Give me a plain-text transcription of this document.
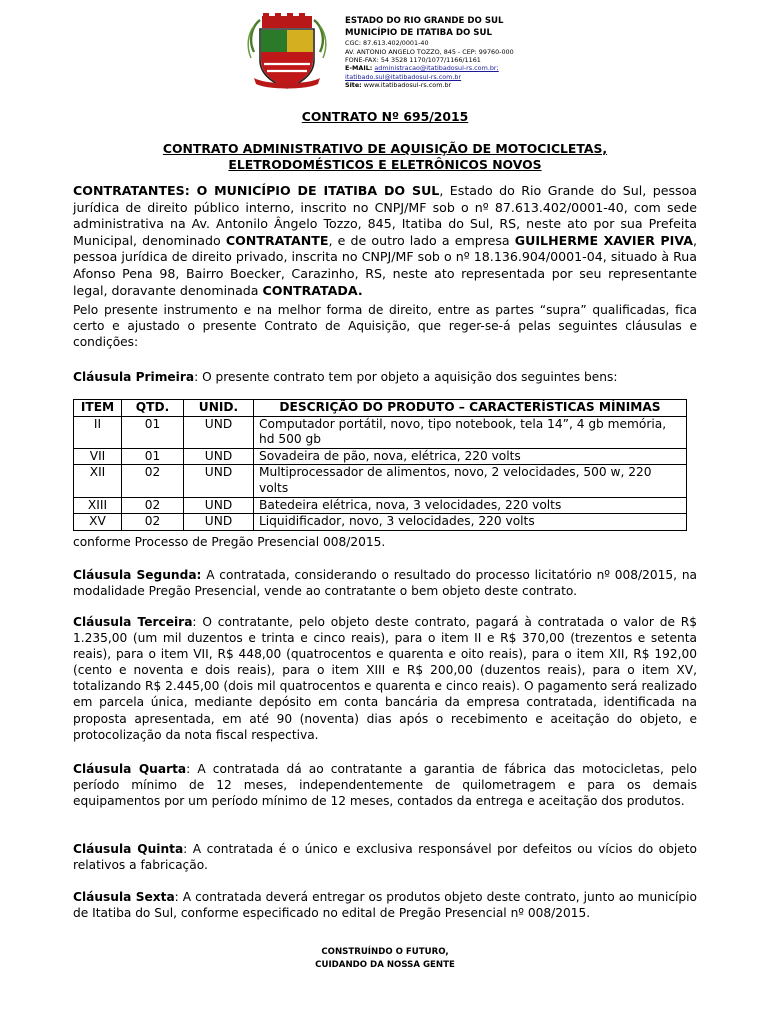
ESTADO DO RIO GRANDE DO SUL

MUNICÍPIO DE ITATIBA DO SUL

CGC: 87.613.402/0001-40

AV. ANTONIO ANGELO TOZZO, 845 - CEP: 99760-000

FONE-FAX: 54 3528 1170/1077/1166/1161

E-MAIL: administracao@itatibadosul-rs.com.br;

itatibado.sul@itatibadosul-rs.com.br

Site: www.itatibadosul-rs.com.br

CONTRATO Nº 695/2015

CONTRATO ADMINISTRATIVO DE AQUISIÇÃO DE MOTOCICLETAS,
ELETRODOMÉSTICOS E ELETRÔNICOS NOVOS

CONTRATANTES: O MUNICÍPIO DE ITATIBA DO SUL, Estado do Rio Grande do Sul, pessoa jurídica de direito público interno, inscrito no CNPJ/MF sob o nº 87.613.402/0001-40, com sede administrativa na Av. Antonilo Ângelo Tozzo, 845, Itatiba do Sul, RS, neste ato por sua Prefeita Municipal, denominado CONTRATANTE, e de outro lado a empresa GUILHERME XAVIER PIVA, pessoa jurídica de direito privado, inscrita no CNPJ/MF sob o nº 18.136.904/0001-04, situado à Rua Afonso Pena 98, Bairro Boecker, Carazinho, RS, neste ato representada por seu representante legal, doravante denominada CONTRATADA.

Pelo presente instrumento e na melhor forma de direito, entre as partes “supra” qualificadas, fica certo e ajustado o presente Contrato de Aquisição, que reger-se-á pelas seguintes cláusulas e condições:

Cláusula Primeira: O presente contrato tem por objeto a aquisição dos seguintes bens:

ITEM	QTD.	UNID.	DESCRIÇÃO DO PRODUTO – CARACTERÍSTICAS MÍNIMAS
II	01	UND	Computador portátil, novo, tipo notebook, tela 14”, 4 gb memória, hd 500 gb
VII	01	UND	Sovadeira de pão, nova, elétrica, 220 volts
XII	02	UND	Multiprocessador de alimentos, novo, 2 velocidades, 500 w, 220 volts
XIII	02	UND	Batedeira elétrica, nova, 3 velocidades, 220 volts
XV	02	UND	Liquidificador, novo, 3 velocidades, 220 volts

conforme Processo de Pregão Presencial 008/2015.

Cláusula Segunda: A contratada, considerando o resultado do processo licitatório nº 008/2015, na modalidade Pregão Presencial, vende ao contratante o bem objeto deste contrato.

Cláusula Terceira: O contratante, pelo objeto deste contrato, pagará à contratada o valor de R$ 1.235,00 (um mil duzentos e trinta e cinco reais), para o item II e R$ 370,00 (trezentos e setenta reais), para o item VII, R$ 448,00 (quatrocentos e quarenta e oito reais), para o item XII, R$ 192,00 (cento e noventa e dois reais), para o item XIII e R$ 200,00 (duzentos reais), para o item XV, totalizando R$ 2.445,00 (dois mil quatrocentos e quarenta e cinco reais). O pagamento será realizado em parcela única, mediante depósito em conta bancária da empresa contratada, identificada na proposta apresentada, em até 90 (noventa) dias após o recebimento e aceitação do objeto, e protocolização da nota fiscal respectiva.

Cláusula Quarta: A contratada dá ao contratante a garantia de fábrica das motocicletas, pelo período mínimo de 12 meses, independentemente de quilometragem e para os demais equipamentos por um período mínimo de 12 meses, contados da entrega e aceitação dos produtos.

Cláusula Quinta: A contratada é o único e exclusiva responsável por defeitos ou vícios do objeto relativos a fabricação.

Cláusula Sexta: A contratada deverá entregar os produtos objeto deste contrato, junto ao município de Itatiba do Sul, conforme especificado no edital de Pregão Presencial nº 008/2015.

CONSTRUÍNDO O FUTURO,
CUIDANDO DA NOSSA GENTE
